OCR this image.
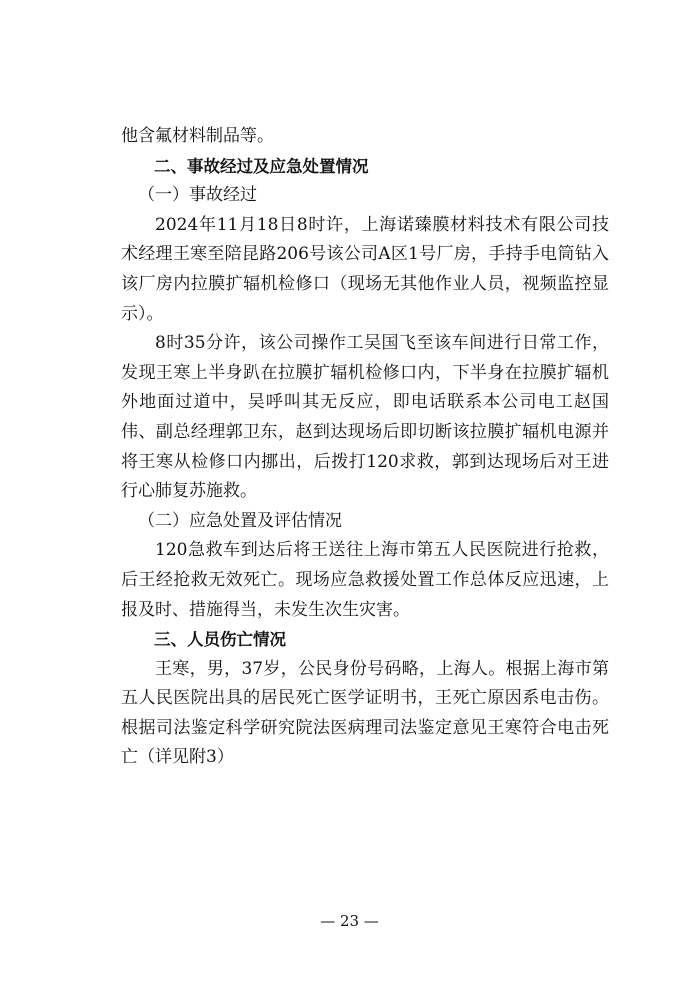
他含氟材料制品等。

二、事故经过及应急处置情况

（一）事故经过

2024年11月18日8时许，上海诺臻膜材料技术有限公司技术经理王寒至陪昆路206号该公司A区1号厂房，手持手电筒钻入该厂房内拉膜扩辐机检修口（现场无其他作业人员，视频监控显示）。

8时35分许，该公司操作工吴国飞至该车间进行日常工作，发现王寒上半身趴在拉膜扩辐机检修口内，下半身在拉膜扩辐机外地面过道中，吴呼叫其无反应，即电话联系本公司电工赵国伟、副总经理郭卫东，赵到达现场后即切断该拉膜扩辐机电源并将王寒从检修口内挪出，后拨打120求救，郭到达现场后对王进行心肺复苏施救。

（二）应急处置及评估情况

120急救车到达后将王送往上海市第五人民医院进行抢救，后王经抢救无效死亡。现场应急救援处置工作总体反应迅速，上报及时、措施得当，未发生次生灾害。

三、人员伤亡情况

王寒，男，37岁，公民身份号码略，上海人。根据上海市第五人民医院出具的居民死亡医学证明书，王死亡原因系电击伤。根据司法鉴定科学研究院法医病理司法鉴定意见王寒符合电击死亡（详见附3）

— 23 —
